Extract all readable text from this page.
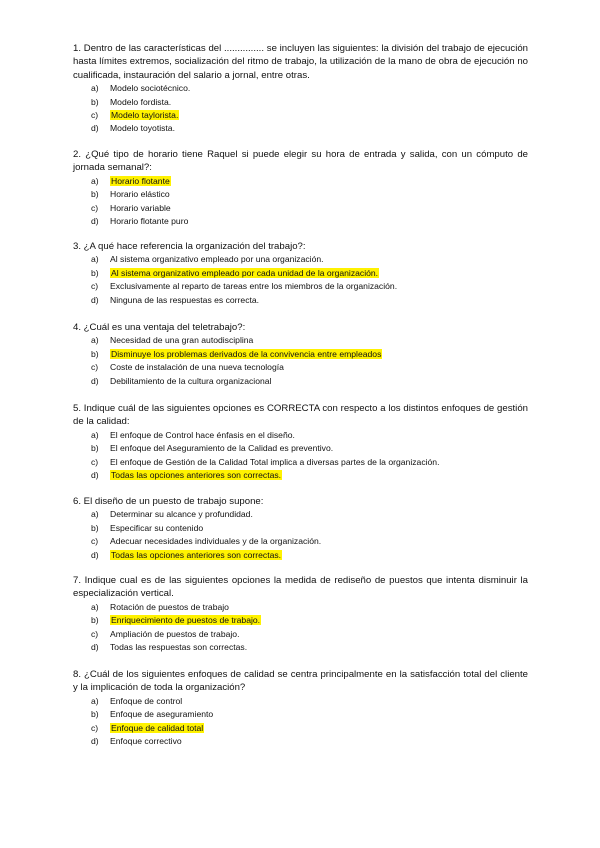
1. Dentro de las características del ............... se incluyen las siguientes: la división del trabajo de ejecución hasta límites extremos, socialización del ritmo de trabajo, la utilización de la mano de obra de ejecución no cualificada, instauración del salario a jornal, entre otras.

a) Modelo sociotécnico.
b) Modelo fordista.
c) Modelo taylorista.
d) Modelo toyotista.

2. ¿Qué tipo de horario tiene Raquel si puede elegir su hora de entrada y salida, con un cómputo de jornada semanal?:

a) Horario flotante
b) Horario elástico
c) Horario variable
d) Horario flotante puro

3. ¿A qué hace referencia la organización del trabajo?:

a) Al sistema organizativo empleado por una organización.
b) Al sistema organizativo empleado por cada unidad de la organización.
c) Exclusivamente al reparto de tareas entre los miembros de la organización.
d) Ninguna de las respuestas es correcta.

4. ¿Cuál es una ventaja del teletrabajo?:

a) Necesidad de una gran autodisciplina
b) Disminuye los problemas derivados de la convivencia entre empleados
c) Coste de instalación de una nueva tecnología
d) Debilitamiento de la cultura organizacional

5. Indique cuál de las siguientes opciones es CORRECTA con respecto a los distintos enfoques de gestión de la calidad:

a) El enfoque de Control hace énfasis en el diseño.
b) El enfoque del Aseguramiento de la Calidad es preventivo.
c) El enfoque de Gestión de la Calidad Total implica a diversas partes de la organización.
d) Todas las opciones anteriores son correctas.

6. El diseño de un puesto de trabajo supone:

a) Determinar su alcance y profundidad.
b) Especificar su contenido
c) Adecuar necesidades individuales y de la organización.
d) Todas las opciones anteriores son correctas.

7. Indique cual es de las siguientes opciones la medida de rediseño de puestos que intenta disminuir la especialización vertical.

a) Rotación de puestos de trabajo
b) Enriquecimiento de puestos de trabajo.
c) Ampliación de puestos de trabajo.
d) Todas las respuestas son correctas.

8. ¿Cuál de los siguientes enfoques de calidad se centra principalmente en la satisfacción total del cliente y la implicación de toda la organización?

a) Enfoque de control
b) Enfoque de aseguramiento
c) Enfoque de calidad total
d) Enfoque correctivo
